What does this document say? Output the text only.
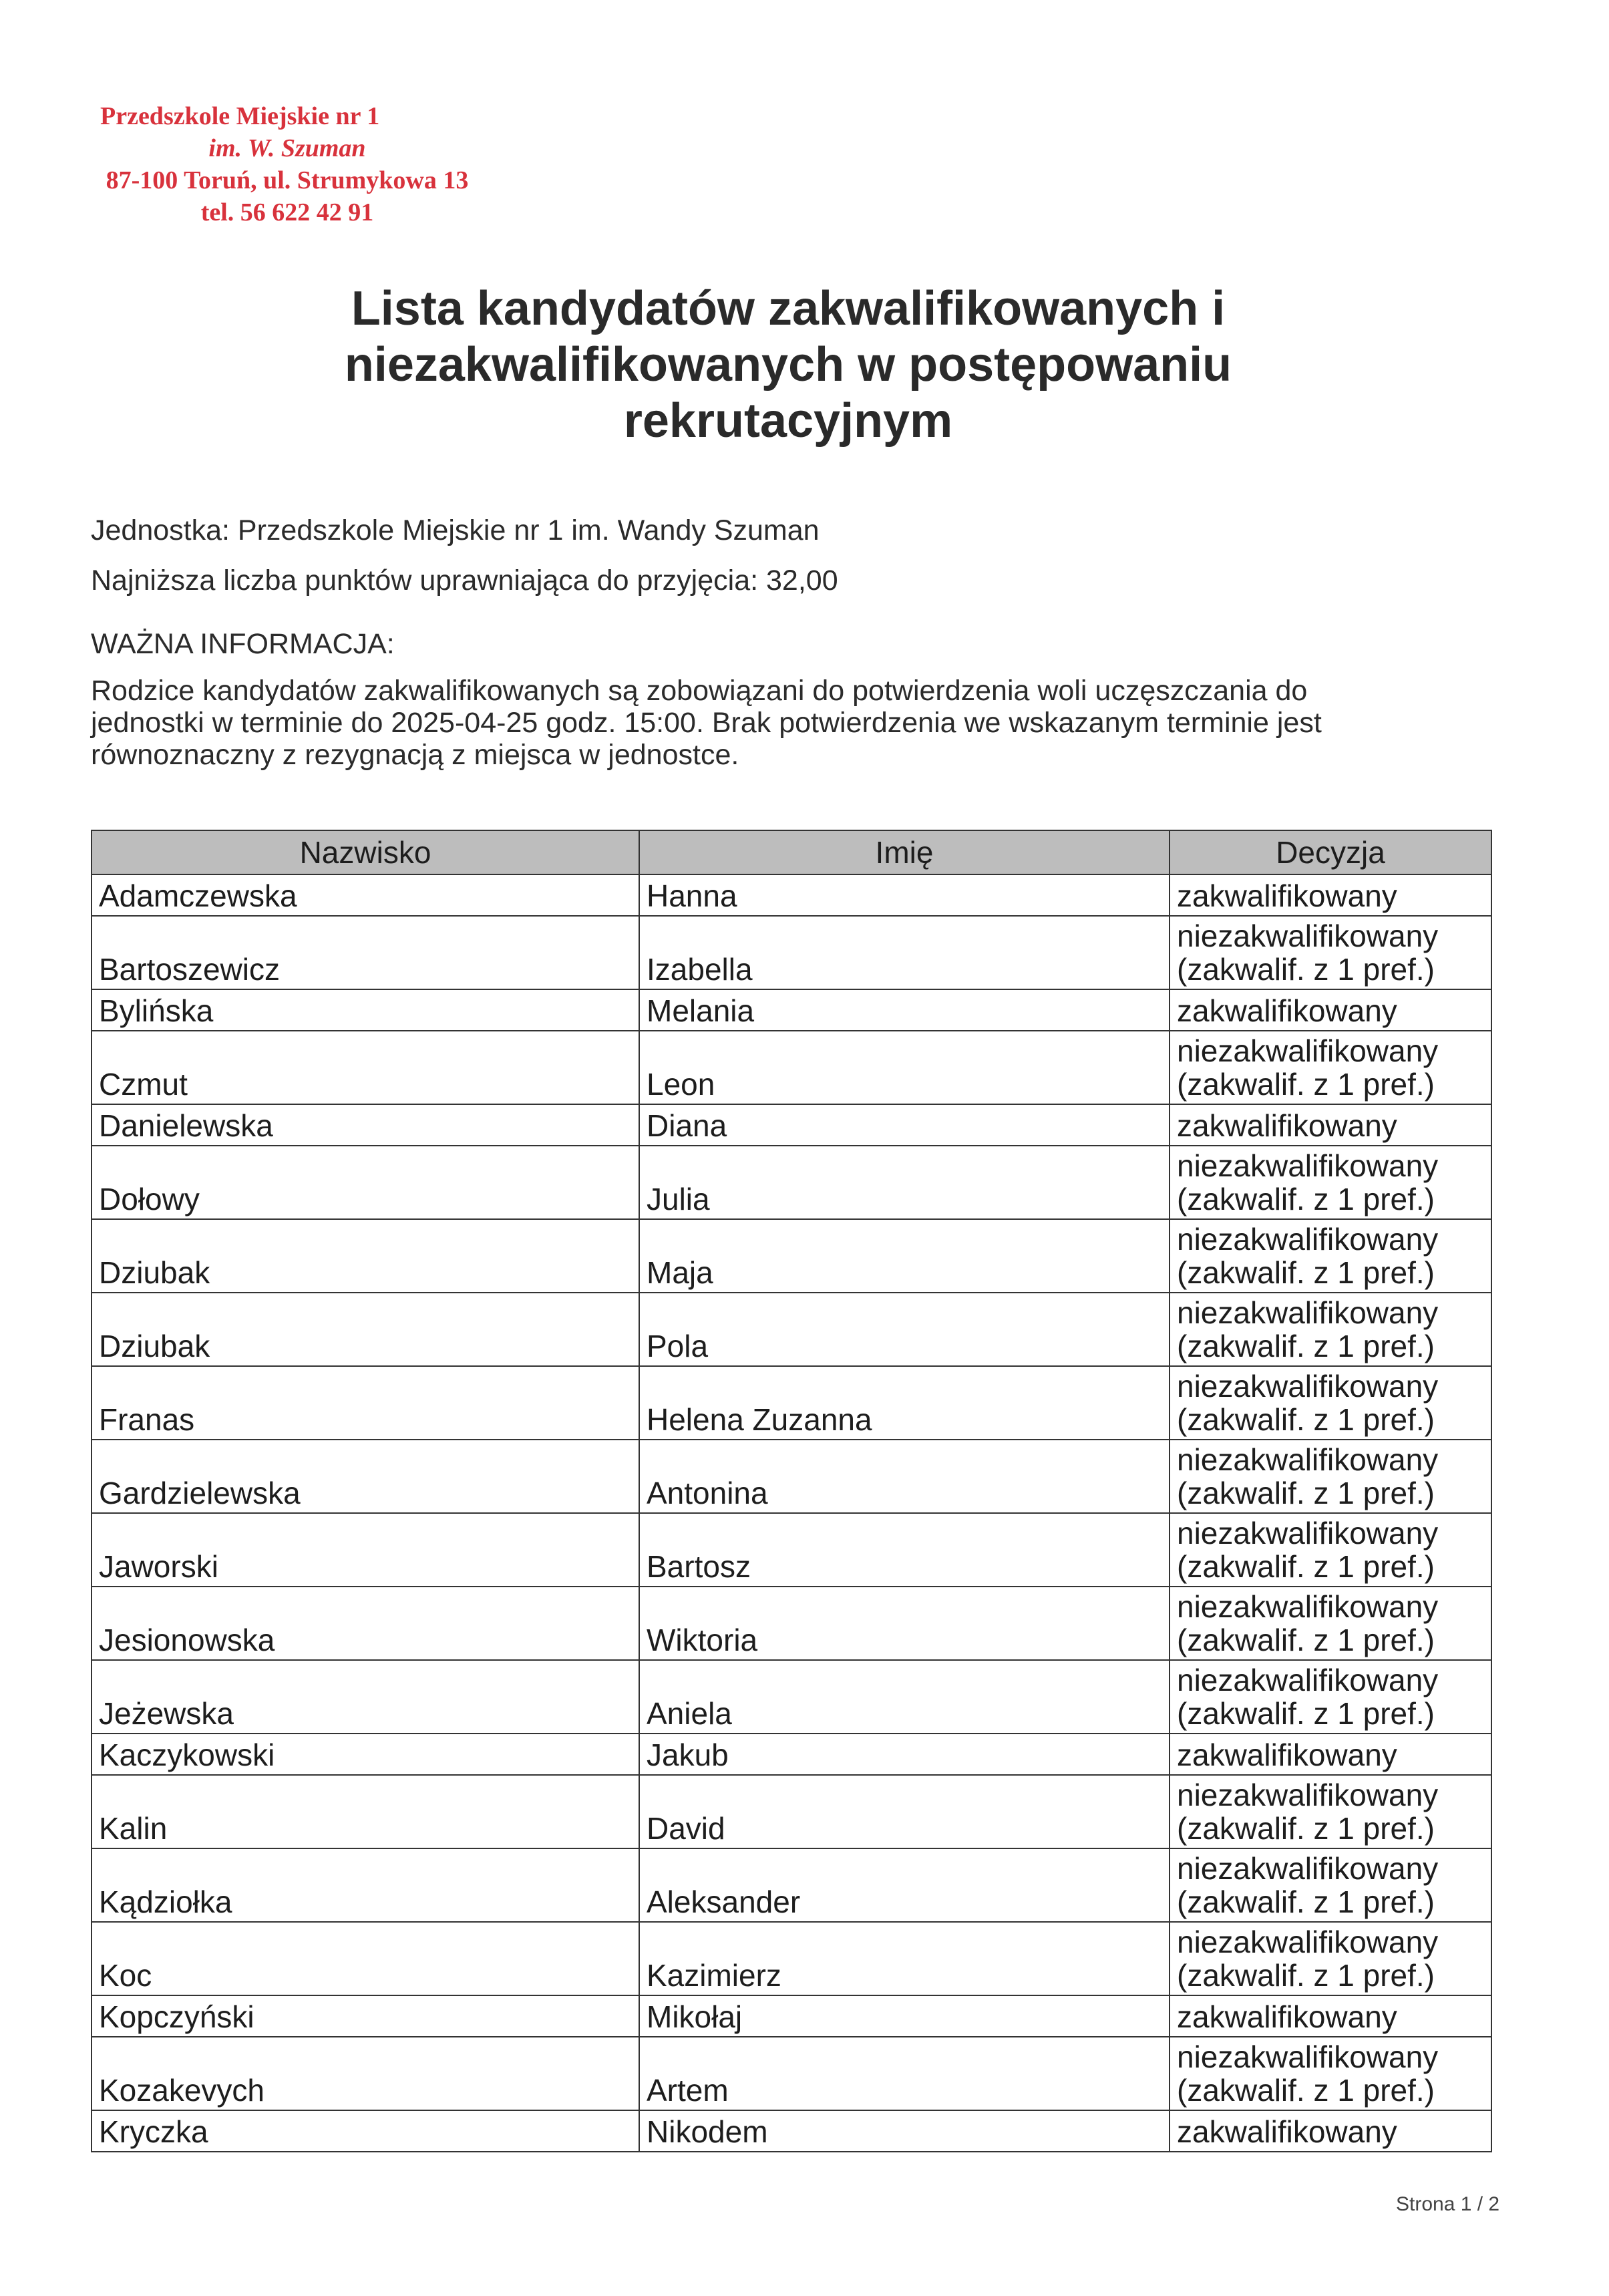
Przedszkole Miejskie nr 1
im. W. Szuman
87-100 Toruń, ul. Strumykowa 13
tel. 56 622 42 91
Lista kandydatów zakwalifikowanych i
niezakwalifikowanych w postępowaniu
rekrutacyjnym
Jednostka: Przedszkole Miejskie nr 1 im. Wandy Szuman
Najniższa liczba punktów uprawniająca do przyjęcia: 32,00
WAŻNA INFORMACJA:
Rodzice kandydatów zakwalifikowanych są zobowiązani do potwierdzenia woli uczęszczania do
jednostki w terminie do 2025-04-25 godz. 15:00. Brak potwierdzenia we wskazanym terminie jest
równoznaczny z rezygnacją z miejsca w jednostce.
Nazwisko	Imię	Decyzja
Adamczewska	Hanna	zakwalifikowany

Bartoszewicz	Izabella	niezakwalifikowany
(zakwalif. z 1 pref.)

Bylińska	Melania	zakwalifikowany

Czmut	Leon	niezakwalifikowany
(zakwalif. z 1 pref.)

Danielewska	Diana	zakwalifikowany

Dołowy	Julia	niezakwalifikowany
(zakwalif. z 1 pref.)

Dziubak	Maja	niezakwalifikowany
(zakwalif. z 1 pref.)

Dziubak	Pola	niezakwalifikowany
(zakwalif. z 1 pref.)

Franas	Helena Zuzanna	niezakwalifikowany
(zakwalif. z 1 pref.)

Gardzielewska	Antonina	niezakwalifikowany
(zakwalif. z 1 pref.)

Jaworski	Bartosz	niezakwalifikowany
(zakwalif. z 1 pref.)

Jesionowska	Wiktoria	niezakwalifikowany
(zakwalif. z 1 pref.)

Jeżewska	Aniela	niezakwalifikowany
(zakwalif. z 1 pref.)

Kaczykowski	Jakub	zakwalifikowany

Kalin	David	niezakwalifikowany
(zakwalif. z 1 pref.)

Kądziołka	Aleksander	niezakwalifikowany
(zakwalif. z 1 pref.)

Koc	Kazimierz	niezakwalifikowany
(zakwalif. z 1 pref.)

Kopczyński	Mikołaj	zakwalifikowany

Kozakevych	Artem	niezakwalifikowany
(zakwalif. z 1 pref.)

Kryczka	Nikodem	zakwalifikowany
Strona 1 / 2
